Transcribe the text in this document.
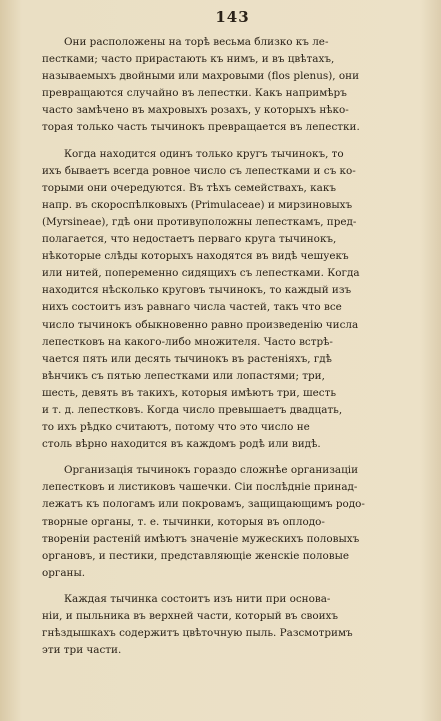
143

Они расположены на торѣ весьма близко къ ле-
пестками; часто прирастають къ нимъ, и въ цвѣтахъ,
называемыхъ двойными или махровыми (flos plenus), они
превращаются случайно въ лепестки. Какъ напримѣръ
часто замѣчено въ махровыхъ розахъ, у которыхъ нѣко-
торая только часть тычинокъ превращается въ лепестки.

Когда находится одинъ только кругъ тычинокъ, то
ихъ бываетъ всегда ровное число съ лепестками и съ ко-
торыми они очередуются. Въ тѣхъ семействахъ, какъ
напр. въ скороспѣлковыхъ (Primulaceae) и мирзиновыхъ
(Myrsineae), гдѣ они противуположны лепесткамъ, пред-
полагается, что недостаетъ перваго круга тычинокъ,
нѣкоторые слѣды которыхъ находятся въ видѣ чешуекъ
или нитей, попеременно сидящихъ съ лепестками. Когда
находится нѣсколько круговъ тычинокъ, то каждый изъ
нихъ состоитъ изъ равнаго числа частей, такъ что все
число тычинокъ обыкновенно равно произведенію числа
лепестковъ на какого-либо множителя. Часто встрѣ-
чается пять или десять тычинокъ въ растеніяхъ, гдѣ
вѣнчикъ съ пятью лепестками или лопастями; три,
шесть, девять въ такихъ, которыя имѣютъ три, шесть
и т. д. лепестковъ. Когда число превышаетъ двадцать,
то ихъ рѣдко считаютъ, потому что это число не
столь вѣрно находится въ каждомъ родѣ или видѣ.

Организація тычинокъ гораздо сложнѣе организаціи
лепестковъ и листиковъ чашечки. Сіи послѣдніе принад-
лежатъ къ пологамъ или покровамъ, защищающимъ родо-
творные органы, т. е. тычинки, которыя въ оплодо-
твореніи растеній имѣютъ значеніе мужескихъ половыхъ
органовъ, и пестики, представляющіе женскіе половые
органы.

Каждая тычинка состоитъ изъ нити при основа-
ніи, и пыльника въ верхней части, который въ своихъ
гнѣздышкахъ содержитъ цвѣточную пыль. Разсмотримъ
эти три части.
